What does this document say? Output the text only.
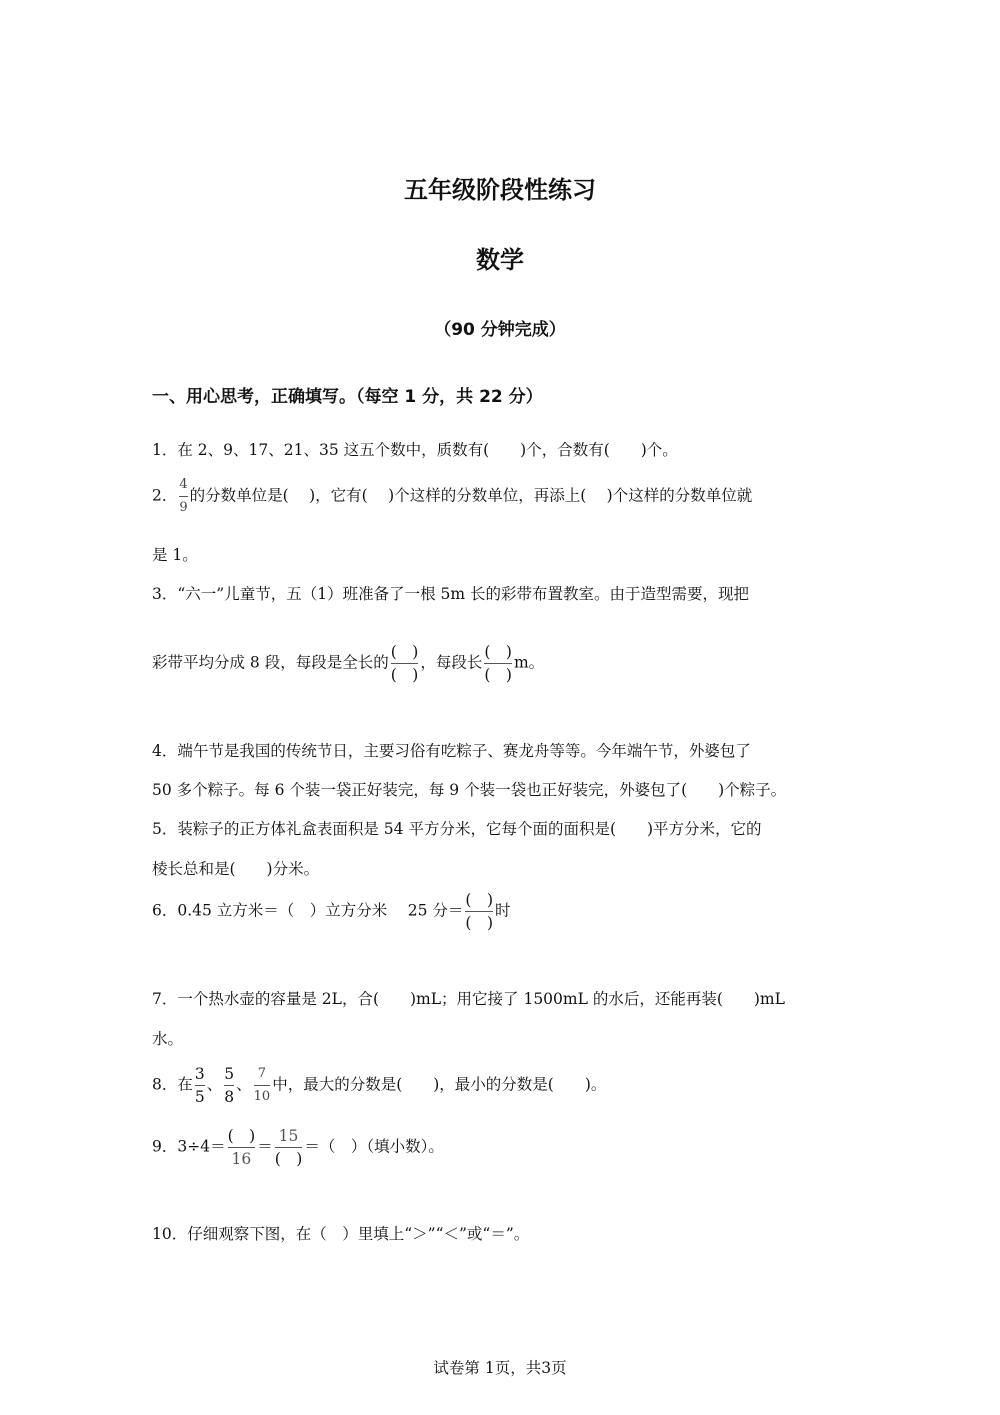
五年级阶段性练习
数学
（90 分钟完成）
一、用心思考，正确填写。（每空 1 分，共 22 分）
1．在 2、9、17、21、35 这五个数中，质数有(　　)个，合数有(　　)个。
2． $\frac{4}{9}$ 的分数单位是(　 )，它有(　 )个这样的分数单位，再添上(　 )个这样的分数单位就
是 1。
3．“六一”儿童节，五（1）班准备了一根 5m 长的彩带布置教室。由于造型需要，现把
彩带平均分成 8 段，每段是全长的 $\frac{( )}{( )}$ ，每段长 $\frac{( )}{( )}$ m。
4．端午节是我国的传统节日，主要习俗有吃粽子、赛龙舟等等。今年端午节，外婆包了
50 多个粽子。每 6 个装一袋正好装完，每 9 个装一袋也正好装完，外婆包了(　　)个粽子。
5．装粽子的正方体礼盒表面积是 54 平方分米，它每个面的面积是(　　)平方分米，它的
棱长总和是(　　)分米。
6．0.45 立方米＝（　）立方分米　 25 分＝ $\frac{( )}{( )}$ 时
7．一个热水壶的容量是 2L，合(　　)mL；用它接了 1500mL 的水后，还能再装(　　)mL
水。
8．在 $\frac{3}{5}$ 、 $\frac{5}{8}$ 、 $\frac{7}{10}$ 中，最大的分数是(　　)，最小的分数是(　　)。
9．$3\div 4= \frac{( )}{16} = \frac{15}{( )}$ ＝（　）（填小数）。
10．仔细观察下图，在（　）里填上“＞”“＜”或“＝”。
试卷第 1页，共3页
